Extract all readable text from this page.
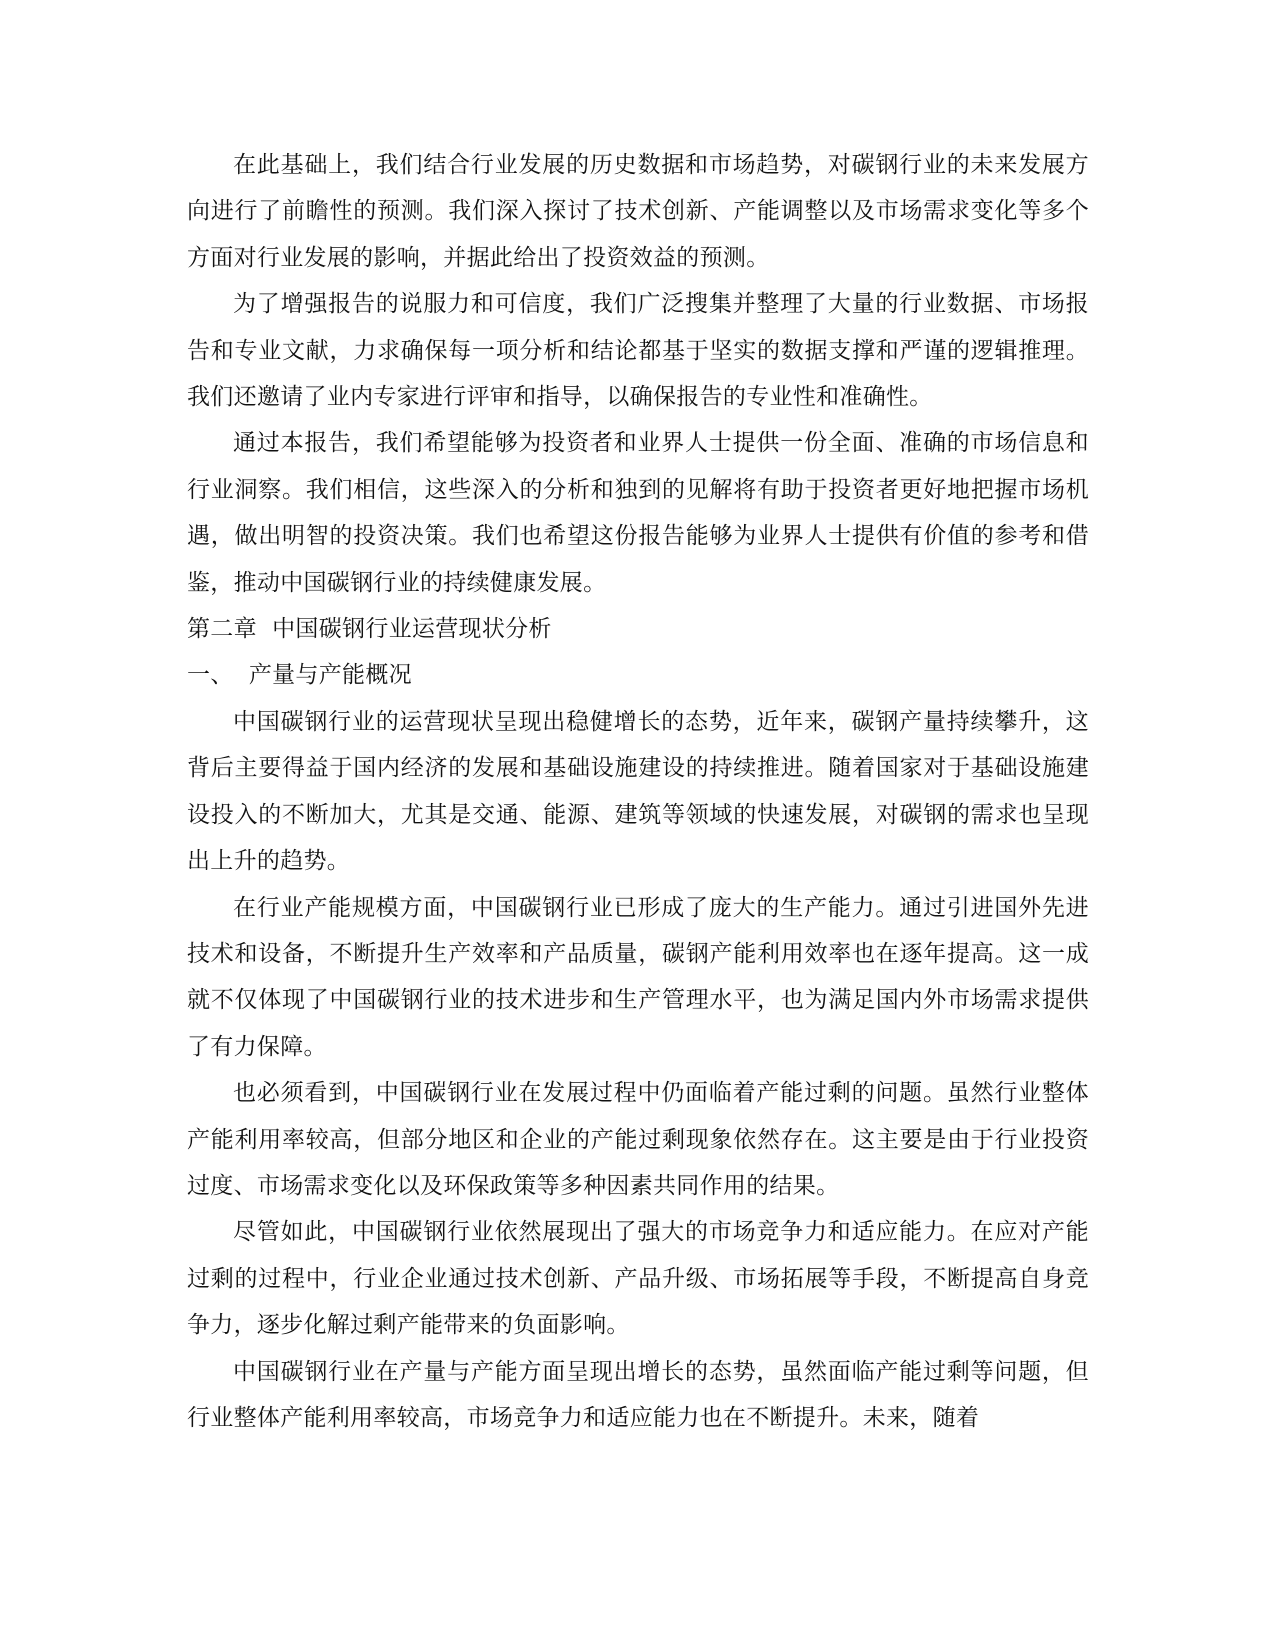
在此基础上，我们结合行业发展的历史数据和市场趋势，对碳钢行业的未来发展方向进行了前瞻性的预测。我们深入探讨了技术创新、产能调整以及市场需求变化等多个方面对行业发展的影响，并据此给出了投资效益的预测。

为了增强报告的说服力和可信度，我们广泛搜集并整理了大量的行业数据、市场报告和专业文献，力求确保每一项分析和结论都基于坚实的数据支撑和严谨的逻辑推理。我们还邀请了业内专家进行评审和指导，以确保报告的专业性和准确性。

通过本报告，我们希望能够为投资者和业界人士提供一份全面、准确的市场信息和行业洞察。我们相信，这些深入的分析和独到的见解将有助于投资者更好地把握市场机遇，做出明智的投资决策。我们也希望这份报告能够为业界人士提供有价值的参考和借鉴，推动中国碳钢行业的持续健康发展。

第二章  中国碳钢行业运营现状分析

一、  产量与产能概况

中国碳钢行业的运营现状呈现出稳健增长的态势，近年来，碳钢产量持续攀升，这背后主要得益于国内经济的发展和基础设施建设的持续推进。随着国家对于基础设施建设投入的不断加大，尤其是交通、能源、建筑等领域的快速发展，对碳钢的需求也呈现出上升的趋势。

在行业产能规模方面，中国碳钢行业已形成了庞大的生产能力。通过引进国外先进技术和设备，不断提升生产效率和产品质量，碳钢产能利用效率也在逐年提高。这一成就不仅体现了中国碳钢行业的技术进步和生产管理水平，也为满足国内外市场需求提供了有力保障。

也必须看到，中国碳钢行业在发展过程中仍面临着产能过剩的问题。虽然行业整体产能利用率较高，但部分地区和企业的产能过剩现象依然存在。这主要是由于行业投资过度、市场需求变化以及环保政策等多种因素共同作用的结果。

尽管如此，中国碳钢行业依然展现出了强大的市场竞争力和适应能力。在应对产能过剩的过程中，行业企业通过技术创新、产品升级、市场拓展等手段，不断提高自身竞争力，逐步化解过剩产能带来的负面影响。

中国碳钢行业在产量与产能方面呈现出增长的态势，虽然面临产能过剩等问题，但行业整体产能利用率较高，市场竞争力和适应能力也在不断提升。未来，随着
